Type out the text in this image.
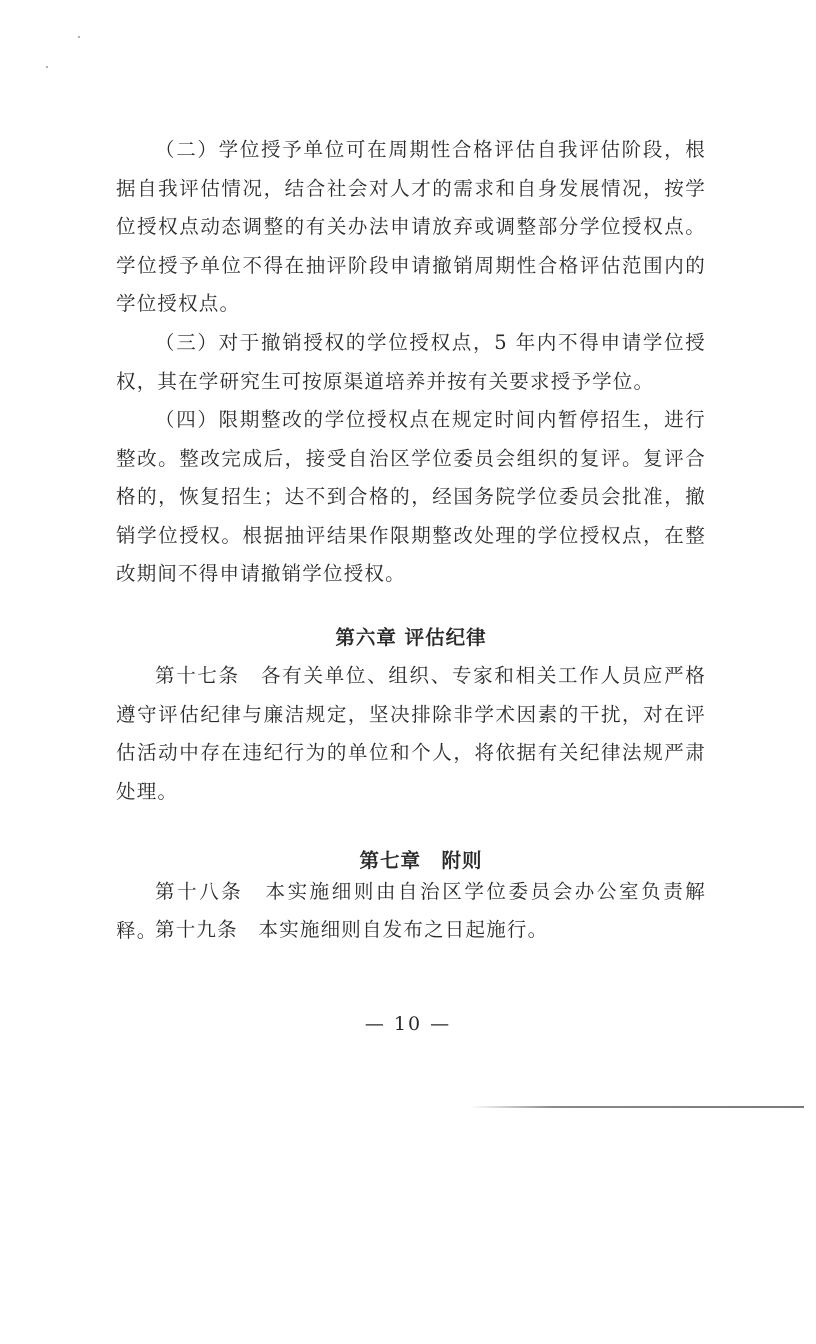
（二）学位授予单位可在周期性合格评估自我评估阶段，根据自我评估情况，结合社会对人才的需求和自身发展情况，按学位授权点动态调整的有关办法申请放弃或调整部分学位授权点。学位授予单位不得在抽评阶段申请撤销周期性合格评估范围内的学位授权点。

（三）对于撤销授权的学位授权点，5 年内不得申请学位授权，其在学研究生可按原渠道培养并按有关要求授予学位。

（四）限期整改的学位授权点在规定时间内暂停招生，进行整改。整改完成后，接受自治区学位委员会组织的复评。复评合格的，恢复招生；达不到合格的，经国务院学位委员会批准，撤销学位授权。根据抽评结果作限期整改处理的学位授权点，在整改期间不得申请撤销学位授权。

第六章 评估纪律

第十七条　各有关单位、组织、专家和相关工作人员应严格遵守评估纪律与廉洁规定，坚决排除非学术因素的干扰，对在评估活动中存在违纪行为的单位和个人，将依据有关纪律法规严肃处理。

第七章　附则

第十八条　本实施细则由自治区学位委员会办公室负责解释。

第十九条　本实施细则自发布之日起施行。

— 10 —
